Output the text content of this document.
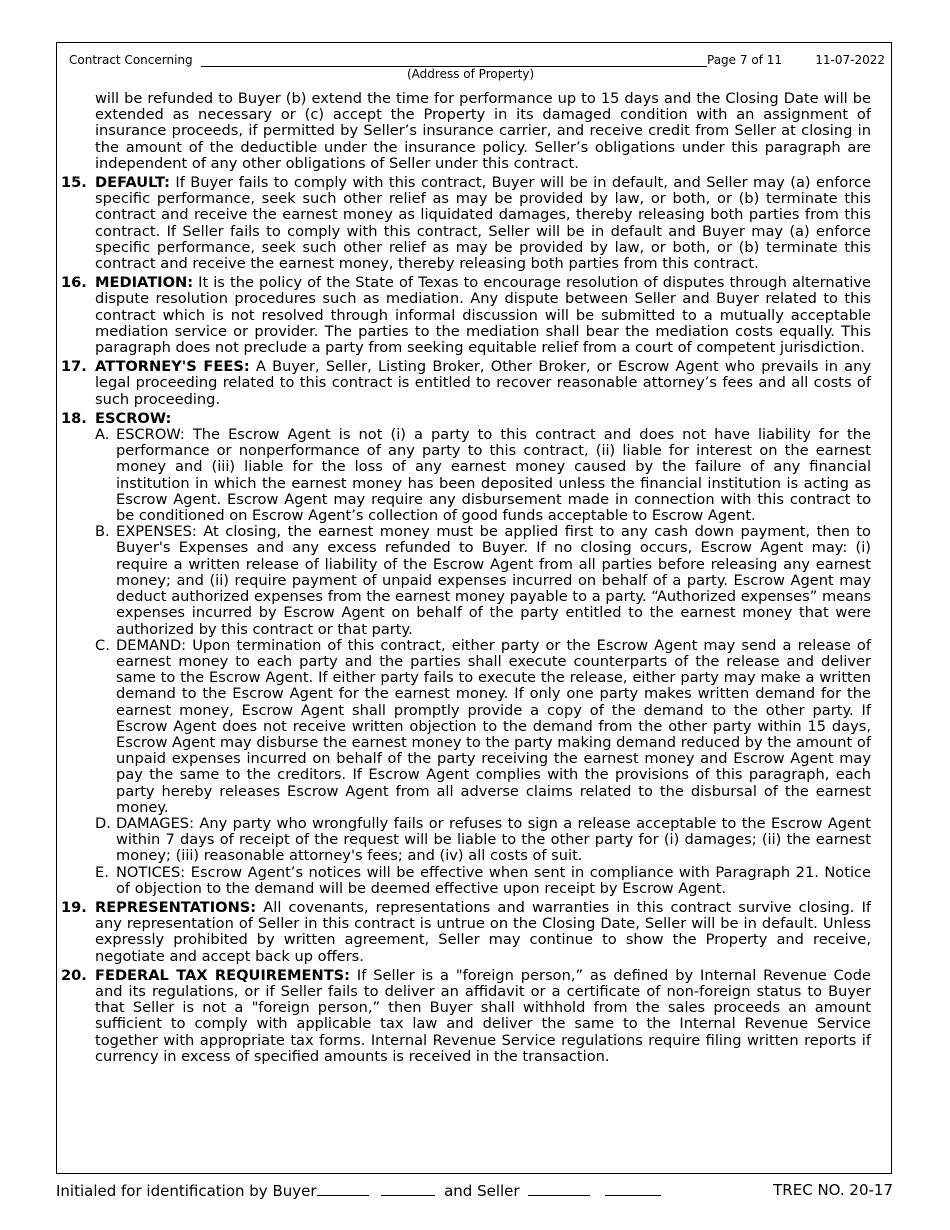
Contract Concerning	Page 7 of 11	11-07-2022
(Address of Property)

will be refunded to Buyer (b) extend the time for performance up to 15 days and the Closing Date will be extended as necessary or (c) accept the Property in its damaged condition with an assignment of insurance proceeds, if permitted by Seller’s insurance carrier, and receive credit from Seller at closing in the amount of the deductible under the insurance policy. Seller’s obligations under this paragraph are independent of any other obligations of Seller under this contract.

15. DEFAULT: If Buyer fails to comply with this contract, Buyer will be in default, and Seller may (a) enforce specific performance, seek such other relief as may be provided by law, or both, or (b) terminate this contract and receive the earnest money as liquidated damages, thereby releasing both parties from this contract. If Seller fails to comply with this contract, Seller will be in default and Buyer may (a) enforce specific performance, seek such other relief as may be provided by law, or both, or (b) terminate this contract and receive the earnest money, thereby releasing both parties from this contract.

16. MEDIATION: It is the policy of the State of Texas to encourage resolution of disputes through alternative dispute resolution procedures such as mediation. Any dispute between Seller and Buyer related to this contract which is not resolved through informal discussion will be submitted to a mutually acceptable mediation service or provider. The parties to the mediation shall bear the mediation costs equally. This paragraph does not preclude a party from seeking equitable relief from a court of competent jurisdiction.

17. ATTORNEY'S FEES: A Buyer, Seller, Listing Broker, Other Broker, or Escrow Agent who prevails in any legal proceeding related to this contract is entitled to recover reasonable attorney’s fees and all costs of such proceeding.

18. ESCROW:

A. ESCROW: The Escrow Agent is not (i) a party to this contract and does not have liability for the performance or nonperformance of any party to this contract, (ii) liable for interest on the earnest money and (iii) liable for the loss of any earnest money caused by the failure of any financial institution in which the earnest money has been deposited unless the financial institution is acting as Escrow Agent. Escrow Agent may require any disbursement made in connection with this contract to be conditioned on Escrow Agent’s collection of good funds acceptable to Escrow Agent.

B. EXPENSES: At closing, the earnest money must be applied first to any cash down payment, then to Buyer's Expenses and any excess refunded to Buyer. If no closing occurs, Escrow Agent may: (i) require a written release of liability of the Escrow Agent from all parties before releasing any earnest money; and (ii) require payment of unpaid expenses incurred on behalf of a party. Escrow Agent may deduct authorized expenses from the earnest money payable to a party. “Authorized expenses” means expenses incurred by Escrow Agent on behalf of the party entitled to the earnest money that were authorized by this contract or that party.

C. DEMAND: Upon termination of this contract, either party or the Escrow Agent may send a release of earnest money to each party and the parties shall execute counterparts of the release and deliver same to the Escrow Agent. If either party fails to execute the release, either party may make a written demand to the Escrow Agent for the earnest money. If only one party makes written demand for the earnest money, Escrow Agent shall promptly provide a copy of the demand to the other party. If Escrow Agent does not receive written objection to the demand from the other party within 15 days, Escrow Agent may disburse the earnest money to the party making demand reduced by the amount of unpaid expenses incurred on behalf of the party receiving the earnest money and Escrow Agent may pay the same to the creditors. If Escrow Agent complies with the provisions of this paragraph, each party hereby releases Escrow Agent from all adverse claims related to the disbursal of the earnest money.

D. DAMAGES: Any party who wrongfully fails or refuses to sign a release acceptable to the Escrow Agent within 7 days of receipt of the request will be liable to the other party for (i) damages; (ii) the earnest money; (iii) reasonable attorney's fees; and (iv) all costs of suit.

E. NOTICES: Escrow Agent’s notices will be effective when sent in compliance with Paragraph 21. Notice of objection to the demand will be deemed effective upon receipt by Escrow Agent.

19. REPRESENTATIONS: All covenants, representations and warranties in this contract survive closing. If any representation of Seller in this contract is untrue on the Closing Date, Seller will be in default. Unless expressly prohibited by written agreement, Seller may continue to show the Property and receive, negotiate and accept back up offers.

20. FEDERAL TAX REQUIREMENTS: If Seller is a "foreign person,” as defined by Internal Revenue Code and its regulations, or if Seller fails to deliver an affidavit or a certificate of non-foreign status to Buyer that Seller is not a "foreign person,” then Buyer shall withhold from the sales proceeds an amount sufficient to comply with applicable tax law and deliver the same to the Internal Revenue Service together with appropriate tax forms. Internal Revenue Service regulations require filing written reports if currency in excess of specified amounts is received in the transaction.

Initialed for identification by Buyer	and Seller	TREC NO. 20-17
